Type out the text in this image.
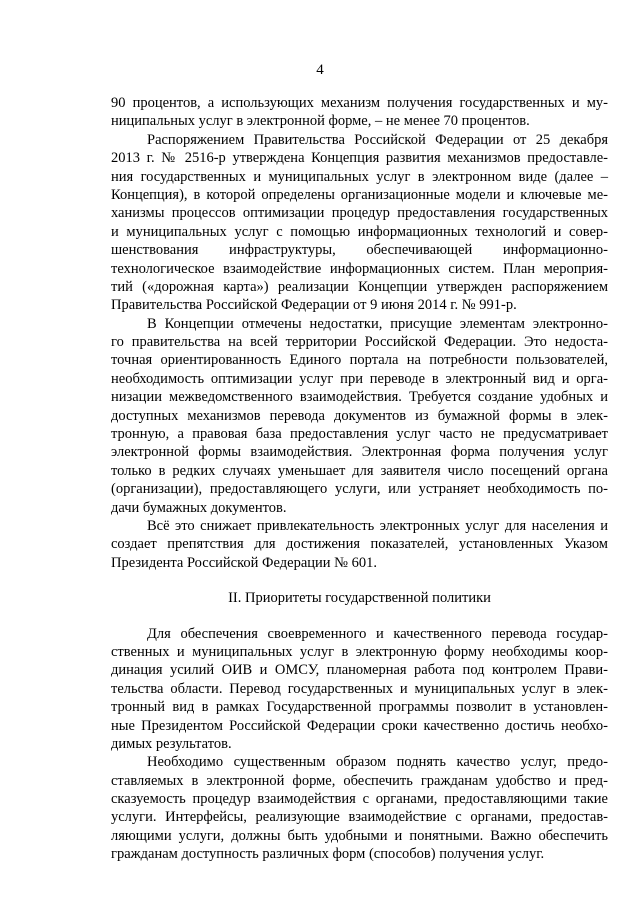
4
90 процентов, а использующих механизм получения государственных и му-
ниципальных услуг в электронной форме, – не менее 70 процентов.
Распоряжением Правительства Российской Федерации от 25 декабря
2013 г. № 2516-р утверждена Концепция развития механизмов предоставле-
ния государственных и муниципальных услуг в электронном виде (далее –
Концепция), в которой определены организационные модели и ключевые ме-
ханизмы процессов оптимизации процедур предоставления государственных
и муниципальных услуг с помощью информационных технологий и совер-
шенствования инфраструктуры, обеспечивающей информационно-
технологическое взаимодействие информационных систем. План мероприя-
тий («дорожная карта») реализации Концепции утвержден распоряжением
Правительства Российской Федерации от 9 июня 2014 г. № 991-р.
В Концепции отмечены недостатки, присущие элементам электронно-
го правительства на всей территории Российской Федерации. Это недоста-
точная ориентированность Единого портала на потребности пользователей,
необходимость оптимизации услуг при переводе в электронный вид и орга-
низации межведомственного взаимодействия. Требуется создание удобных и
доступных механизмов перевода документов из бумажной формы в элек-
тронную, а правовая база предоставления услуг часто не предусматривает
электронной формы взаимодействия. Электронная форма получения услуг
только в редких случаях уменьшает для заявителя число посещений органа
(организации), предоставляющего услуги, или устраняет необходимость по-
дачи бумажных документов.
Всё это снижает привлекательность электронных услуг для населения и
создает препятствия для достижения показателей, установленных Указом
Президента Российской Федерации № 601.
II. Приоритеты государственной политики
Для обеспечения своевременного и качественного перевода государ-
ственных и муниципальных услуг в электронную форму необходимы коор-
динация усилий ОИВ и ОМСУ, планомерная работа под контролем Прави-
тельства области. Перевод государственных и муниципальных услуг в элек-
тронный вид в рамках Государственной программы позволит в установлен-
ные Президентом Российской Федерации сроки качественно достичь необхо-
димых результатов.
Необходимо существенным образом поднять качество услуг, предо-
ставляемых в электронной форме, обеспечить гражданам удобство и пред-
сказуемость процедур взаимодействия с органами, предоставляющими такие
услуги. Интерфейсы, реализующие взаимодействие с органами, предостав-
ляющими услуги, должны быть удобными и понятными. Важно обеспечить
гражданам доступность различных форм (способов) получения услуг.
